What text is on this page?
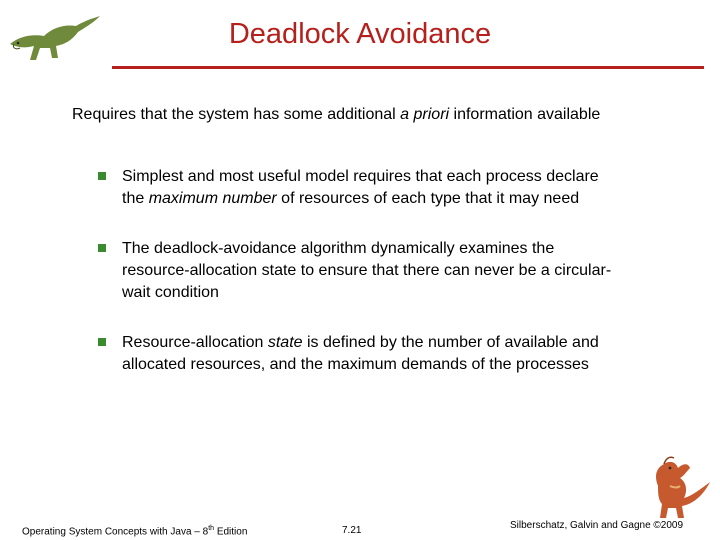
Deadlock Avoidance
Requires that the system has some additional a priori information available
Simplest and most useful model requires that each process declare the maximum number of resources of each type that it may need
The deadlock-avoidance algorithm dynamically examines the resource-allocation state to ensure that there can never be a circular-wait condition
Resource-allocation state is defined by the number of available and allocated resources, and the maximum demands of the processes
Operating System Concepts with Java – 8th Edition	7.21	Silberschatz, Galvin and Gagne ©2009
